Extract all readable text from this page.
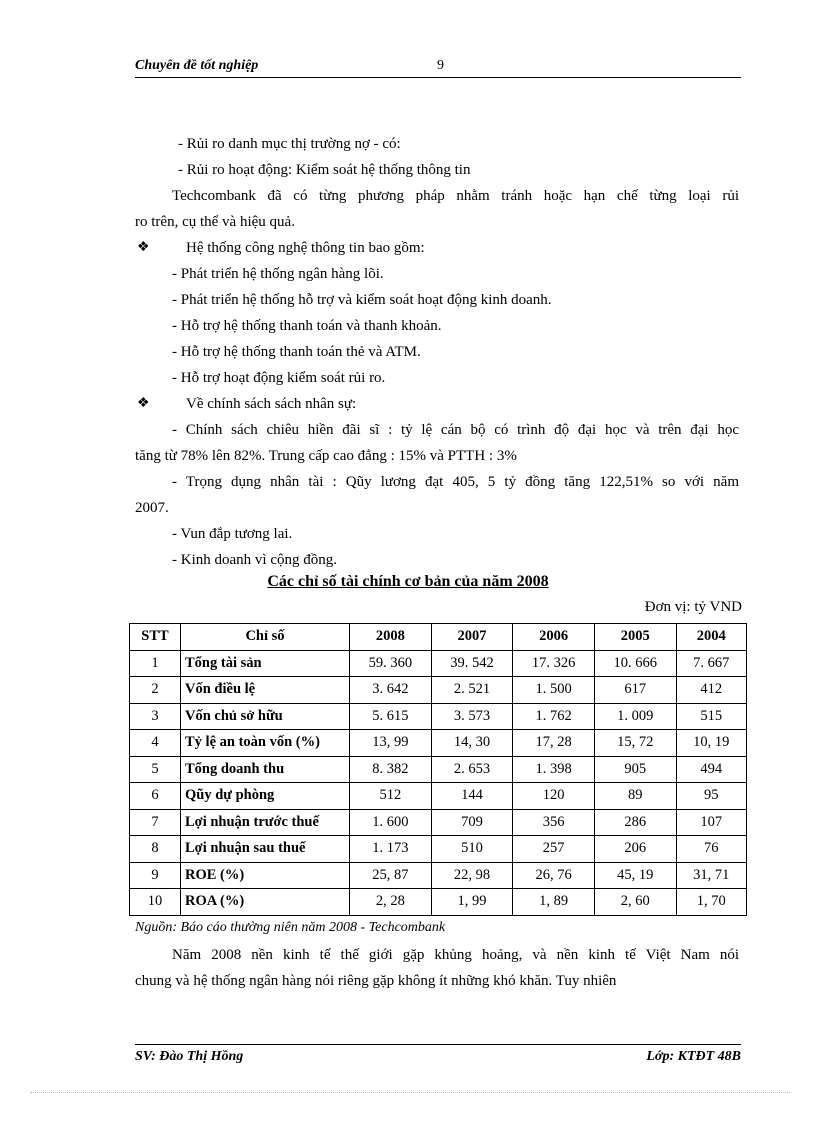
Chuyên đề tốt nghiệp	9
- Rủi ro danh mục thị trường nợ - có:
- Rủi ro hoạt động: Kiểm soát hệ thống thông tin
Techcombank đã có từng phương pháp nhằm tránh hoặc hạn chế từng loại rủi
ro trên, cụ thể và hiệu quả.
❖ Hệ thống công nghệ thông tin bao gồm:
- Phát triển hệ thống ngân hàng lõi.
- Phát triển hệ thống hỗ trợ và kiểm soát hoạt động kinh doanh.
- Hỗ trợ hệ thống thanh toán và thanh khoản.
- Hỗ trợ hệ thống thanh toán thẻ và ATM.
- Hỗ trợ hoạt động kiểm soát rủi ro.
❖ Về chính sách sách nhân sự:
- Chính sách chiêu hiền đãi sĩ : tỷ lệ cán bộ có trình độ đại học và trên đại học
tăng từ 78% lên 82%. Trung cấp cao đẳng : 15% và PTTH : 3%
- Trọng dụng nhân tài : Qũy lương đạt 405, 5 tỷ đồng tăng 122,51% so với năm
2007.
- Vun đắp tương lai.
- Kinh doanh vì cộng đồng.
Các chỉ số tài chính cơ bản của năm 2008
Đơn vị: tỷ VND
STT	Chỉ số	2008	2007	2006	2005	2004
1	Tổng tài sản	59. 360	39. 542	17. 326	10. 666	7. 667
2	Vốn điều lệ	3. 642	2. 521	1. 500	617	412
3	Vốn chủ sở hữu	5. 615	3. 573	1. 762	1. 009	515
4	Tỷ lệ an toàn vốn (%)	13, 99	14, 30	17, 28	15, 72	10, 19
5	Tổng doanh thu	8. 382	2. 653	1. 398	905	494
6	Qũy dự phòng	512	144	120	89	95
7	Lợi nhuận trước thuế	1. 600	709	356	286	107
8	Lợi nhuận sau thuế	1. 173	510	257	206	76
9	ROE (%)	25, 87	22, 98	26, 76	45, 19	31, 71
10	ROA (%)	2, 28	1, 99	1, 89	2, 60	1, 70
Nguồn: Báo cáo thường niên năm 2008 - Techcombank
Năm 2008 nền kinh tế thế giới gặp khủng hoảng, và nền kinh tế Việt Nam nói
chung và hệ thống ngân hàng nói riêng gặp không ít những khó khăn. Tuy nhiên
SV: Đào Thị Hồng	Lớp: KTĐT 48B
